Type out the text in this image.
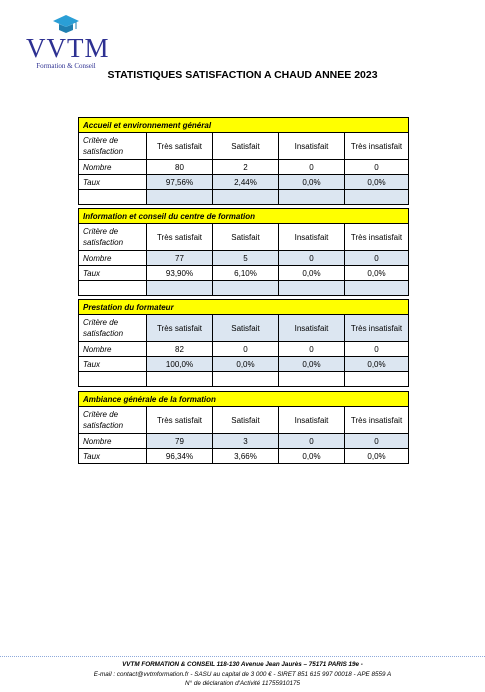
VVTM
Formation & Conseil
STATISTIQUES SATISFACTION A CHAUD ANNEE 2023
Accueil et environnement général				
Critère de satisfaction	Très satisfait	Satisfait	Insatisfait	Très insatisfait
Nombre	80	2	0	0
Taux	97,56%	2,44%	0,0%	0,0%

Information et conseil du centre de formation				
Critère de satisfaction	Très satisfait	Satisfait	Insatisfait	Très insatisfait
Nombre	77	5	0	0
Taux	93,90%	6,10%	0,0%	0,0%

Prestation du formateur				
Critère de satisfaction	Très satisfait	Satisfait	Insatisfait	Très insatisfait
Nombre	82	0	0	0
Taux	100,0%	0,0%	0,0%	0,0%

Ambiance générale de la formation				
Critère de satisfaction	Très satisfait	Satisfait	Insatisfait	Très insatisfait
Nombre	79	3	0	0
Taux	96,34%	3,66%	0,0%	0,0%
VVTM FORMATION & CONSEIL 118-130 Avenue Jean Jaurès – 75171 PARIS 19e -
E-mail : contact@vvtmformation.fr - SASU au capital de 3 000 € - SIRET 851 615 997 00018 - APE 8559 A
N° de déclaration d'Activité 11755910175
